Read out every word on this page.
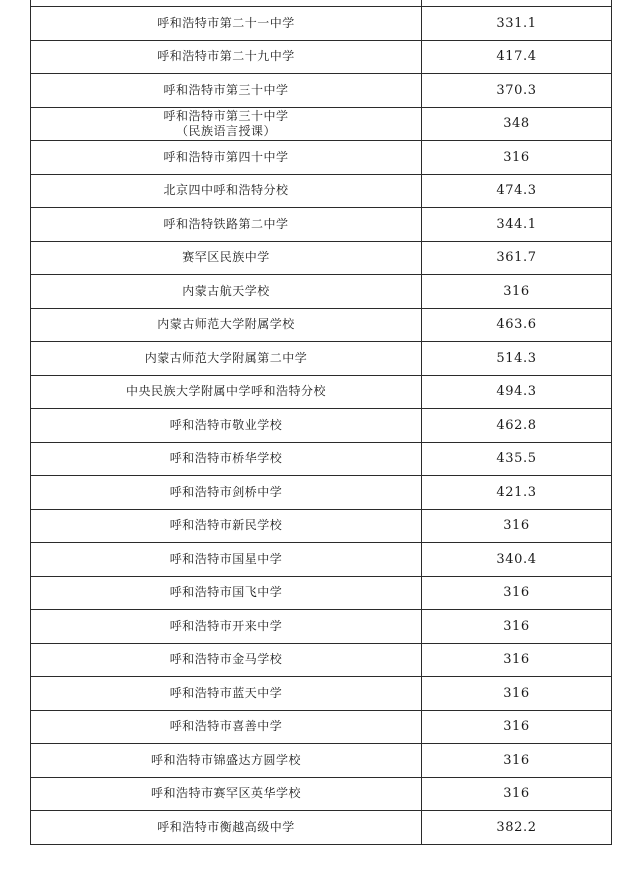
呼和浩特市第二十一中学	331.1
呼和浩特市第二十九中学	417.4
呼和浩特市第三十中学	370.3

呼和浩特市第三十中学
（民族语言授课）	348
呼和浩特市第四十中学	316
北京四中呼和浩特分校	474.3
呼和浩特铁路第二中学	344.1
赛罕区民族中学	361.7
内蒙古航天学校	316
内蒙古师范大学附属学校	463.6
内蒙古师范大学附属第二中学	514.3
中央民族大学附属中学呼和浩特分校	494.3
呼和浩特市敬业学校	462.8
呼和浩特市桥华学校	435.5
呼和浩特市剑桥中学	421.3
呼和浩特市新民学校	316
呼和浩特市国星中学	340.4
呼和浩特市国飞中学	316
呼和浩特市开来中学	316
呼和浩特市金马学校	316
呼和浩特市蓝天中学	316
呼和浩特市喜善中学	316
呼和浩特市锦盛达方圆学校	316
呼和浩特市赛罕区英华学校	316
呼和浩特市衡越高级中学	382.2
